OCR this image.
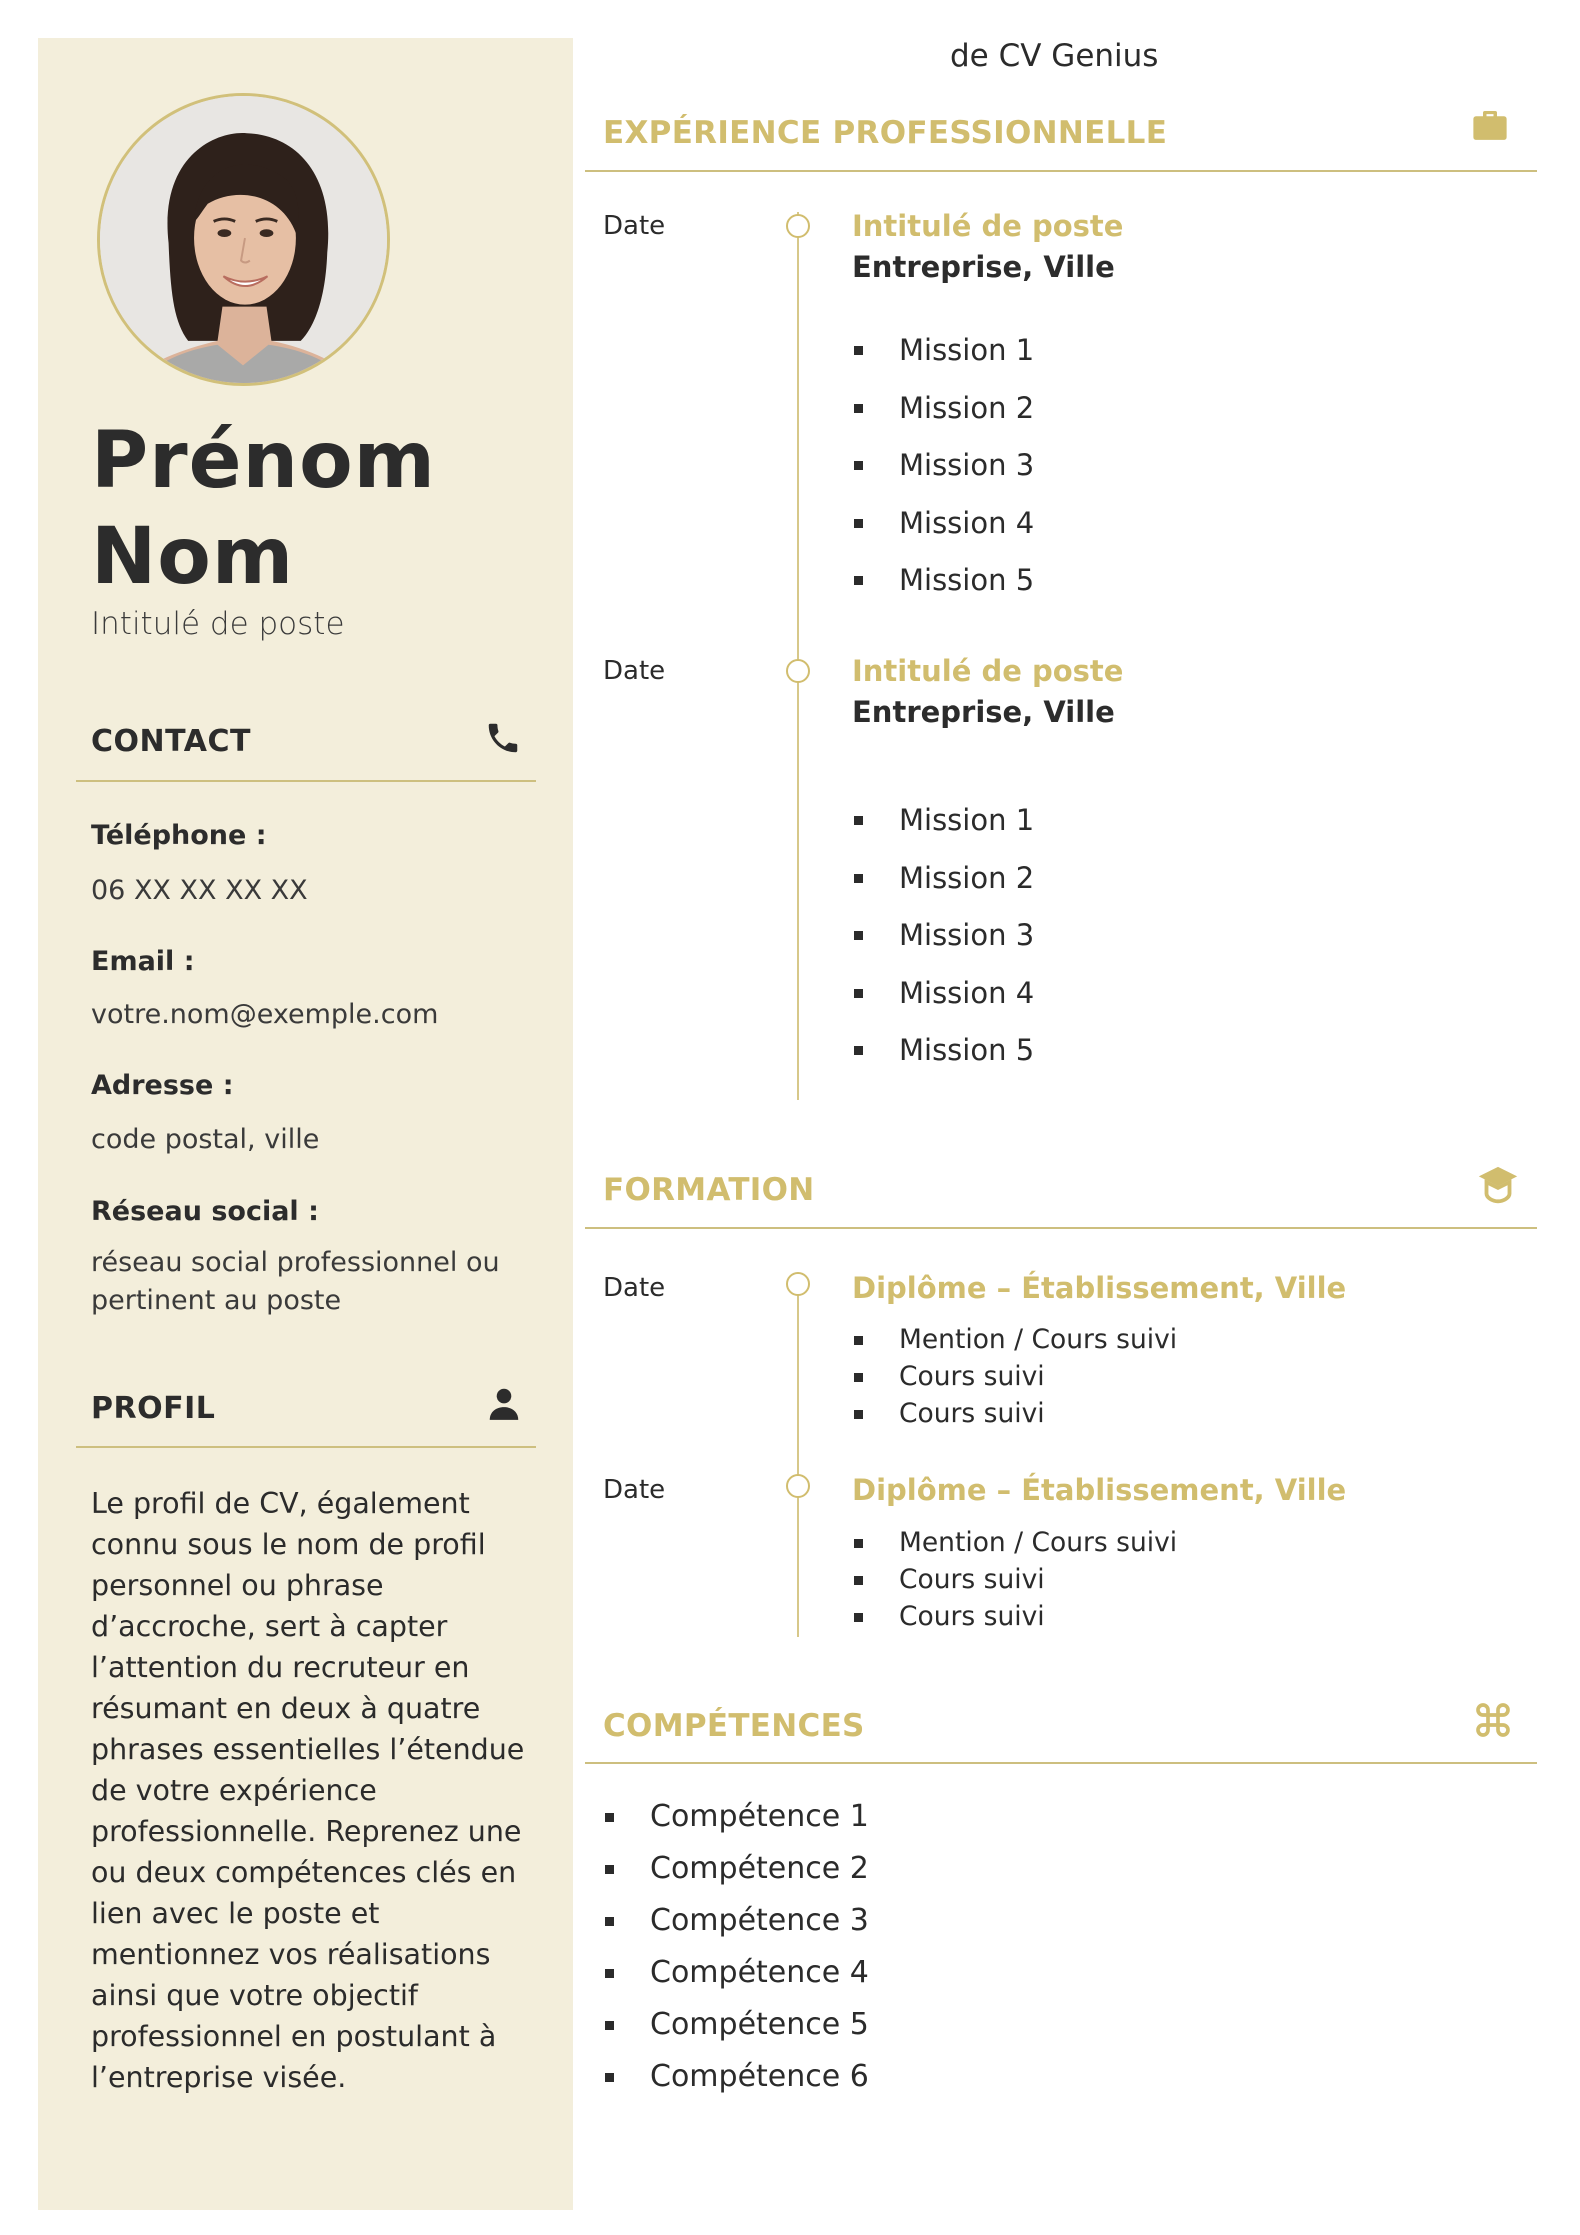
de CV Genius
Prénom
Nom
Intitulé de poste
CONTACT
Téléphone :
06 XX XX XX XX
Email :
votre.nom@exemple.com
Adresse :
code postal, ville
Réseau social :
réseau social professionnel ou pertinent au poste
PROFIL
Le profil de CV, également connu sous le nom de profil personnel ou phrase d’accroche, sert à capter l’attention du recruteur en résumant en deux à quatre phrases essentielles l’étendue de votre expérience professionnelle. Reprenez une ou deux compétences clés en lien avec le poste et mentionnez vos réalisations ainsi que votre objectif professionnel en postulant à l’entreprise visée.
EXPÉRIENCE PROFESSIONNELLE
Date	Intitulé de poste
Entreprise, Ville
Mission 1
Mission 2
Mission 3
Mission 4
Mission 5
Date	Intitulé de poste
Entreprise, Ville
Mission 1
Mission 2
Mission 3
Mission 4
Mission 5
FORMATION
Date	Diplôme – Établissement, Ville
Mention / Cours suivi
Cours suivi
Cours suivi
Date	Diplôme – Établissement, Ville
Mention / Cours suivi
Cours suivi
Cours suivi
COMPÉTENCES
Compétence 1
Compétence 2
Compétence 3
Compétence 4
Compétence 5
Compétence 6
